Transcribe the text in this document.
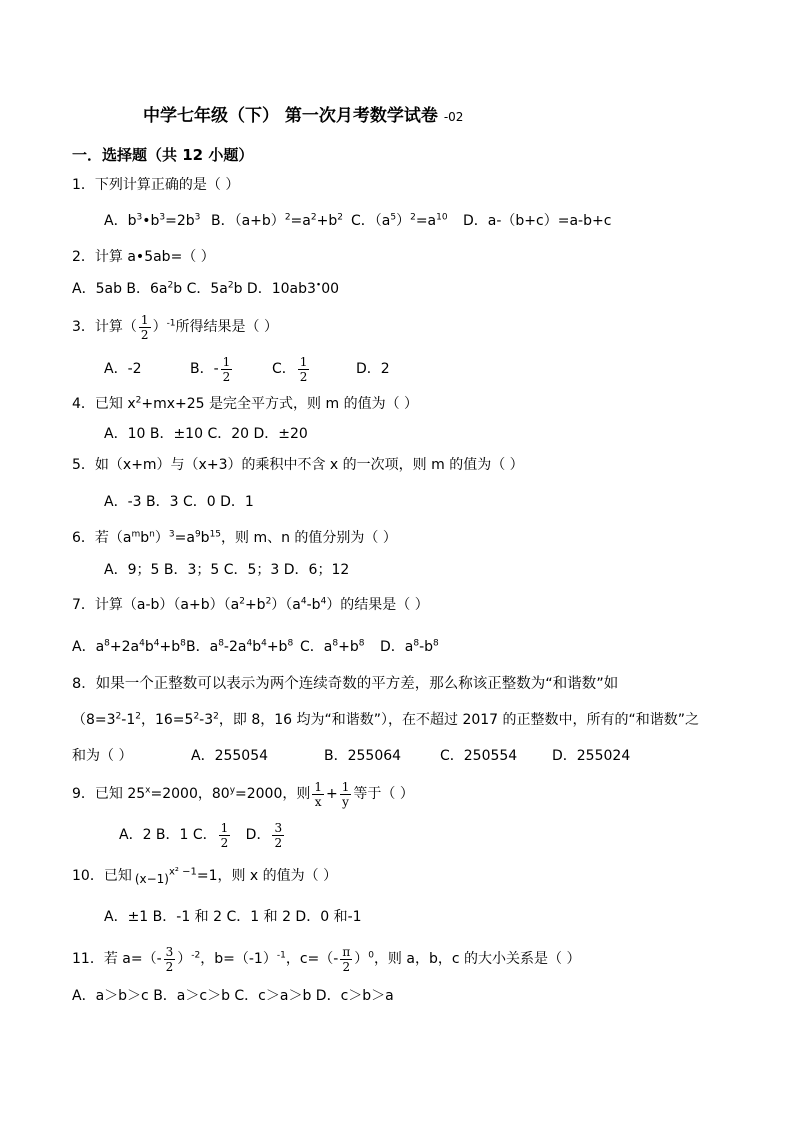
中学七年级（下） 第一次月考数学试卷 -02
一．选择题（共 12 小题）
1．下列计算正确的是（ ）
A．$b^3•b^3=2b^3$ B．$(a+b)^2=a^2+b^2$ C．$(a^5)^2=a^{10}$ D．a-（b+c）=a-b+c
2．计算 a•5ab=（ ）
A．5ab B．$6a^2b$ C．$5a^2b$ D．10ab3•00
3．计算（ $\frac{1}{2} )^{-1}$所得结果是（ ）
A．-2	B．- $\frac{1}{2}$	C． $\frac{1}{2}$	D．2
4．已知 $x^2+mx+25$ 是完全平方式，则 m 的值为（ ）
A．10 B．±10 C．20 D．±20
5．如（x+m）与（x+3）的乘积中不含 x 的一次项，则 m 的值为（ ）
A．-3 B．3 C．0 D．1
6．若$(a^mb^n)^3=a^9b^{15}$，则 m、n 的值分别为（ ）
A．9；5 B．3；5 C．5；3 D．6；12
7．计算$(a-b)(a+b)(a^2+b^2)(a^4-b^4)$的结果是（ ）
A．$a^8+2a^4b^4+b^8$ B．$a^8-2a^4b^4+b^8$ C．$a^8+b^8$ D．$a^8-b^8$
8．如果一个正整数可以表示为两个连续奇数的平方差，那么称该正整数为“和谐数”如
（$8=3^2-1^2$，$16=5^2-3^2$，即 8，16 均为“和谐数”），在不超过 2017 的正整数中，所有的“和谐数”之
和为（ ）	A．255054	B．255064	C．250554 D．255024
9．已知 $25^x=2000$，$80^y=2000$，则 $\frac{1}{x} + \frac{1}{y}$ 等于（ ）
A．2 B．1 C． $\frac{1}{2}$ D． $\frac{3}{2}$
10．已知 $(x-1)^{x^2 -1}=1$，则 x 的值为（ ）
A．±1 B．-1 和 2 C．1 和 2 D．0 和-1
11．若 $a=(- \frac{3}{2} )^{-2}$，$b=(-1)^{-1}$，$c=(- \frac{\pi}{2} )^0$，则 a，b，c 的大小关系是（ ）
A．a＞b＞c B．a＞c＞b C．c＞a＞b D．c＞b＞a
